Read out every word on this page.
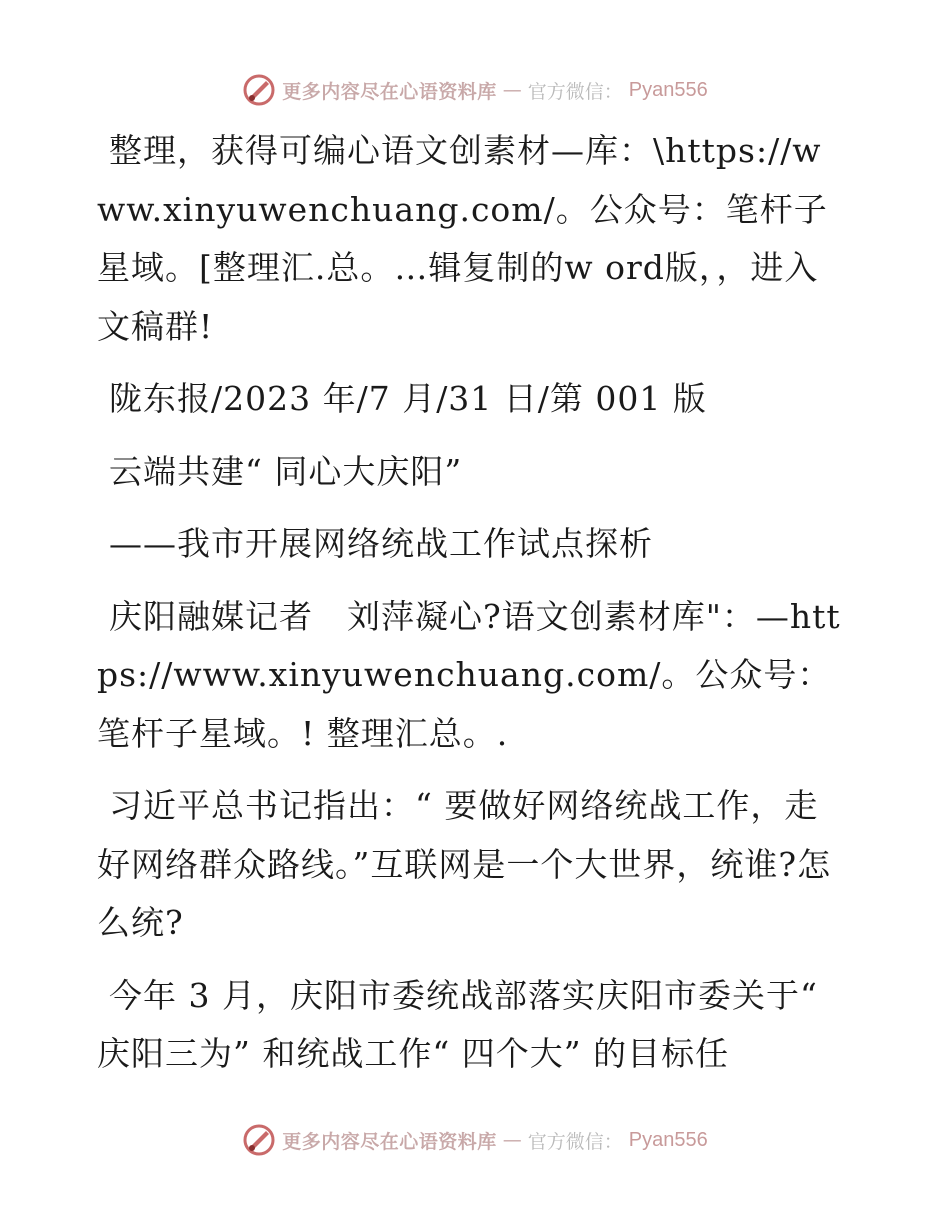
更多内容尽在心语资料库 — 官方微信： Pyan556

整理，获得可编心语文创素材—库：\https://www.xinyuwenchuang.com/。公众号：笔杆子星域。[整理汇.总。…辑复制的w ord版，，进入文稿群!

陇东报/2023 年/7 月/31 日/第 001 版

云端共建“ 同心大庆阳”

——我市开展网络统战工作试点探析

庆阳融媒记者　刘萍凝心?语文创素材库"：—https://www.xinyuwenchuang.com/。公众号：笔杆子星域。! 整理汇总。.

习近平总书记指出：“ 要做好网络统战工作，走好网络群众路线。”互联网是一个大世界，统谁?怎么统?

今年 3 月，庆阳市委统战部落实庆阳市委关于“ 庆阳三为” 和统战工作“ 四个大” 的目标任

更多内容尽在心语资料库 — 官方微信： Pyan556
